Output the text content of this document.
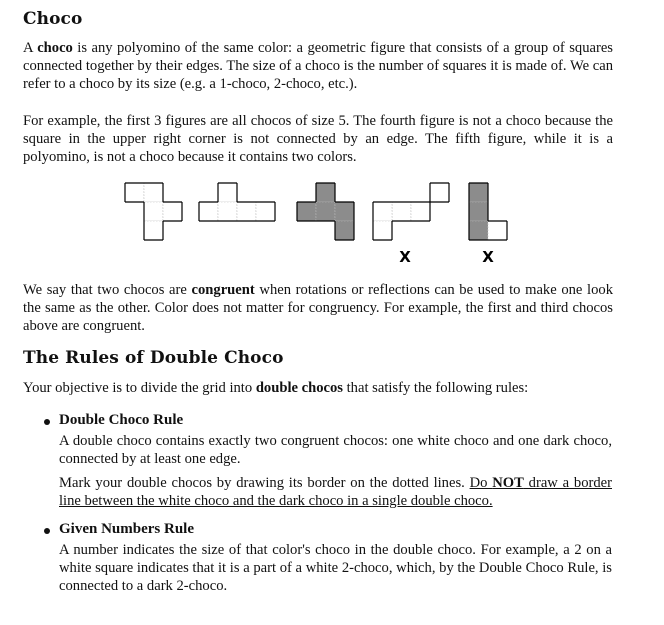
Choco

A choco is any polyomino of the same color: a geometric figure that consists of a group of squares connected together by their edges. The size of a choco is the number of squares it is made of. We can refer to a choco by its size (e.g. a 1-choco, 2-choco, etc.).

For example, the first 3 figures are all chocos of size 5. The fourth figure is not a choco because the square in the upper right corner is not connected by an edge. The fifth figure, while it is a polyomino, is not a choco because it contains two colors.

We say that two chocos are congruent when rotations or reflections can be used to make one look the same as the other. Color does not matter for congruency. For example, the first and third chocos above are congruent.

The Rules of Double Choco

Your objective is to divide the grid into double chocos that satisfy the following rules:

Double Choco Rule

A double choco contains exactly two congruent chocos: one white choco and one dark choco, connected by at least one edge.

Mark your double chocos by drawing its border on the dotted lines. Do NOT draw a border line between the white choco and the dark choco in a single double choco.

Given Numbers Rule

A number indicates the size of that color's choco in the double choco. For example, a 2 on a white square indicates that it is a part of a white 2-choco, which, by the Double Choco Rule, is connected to a dark 2-choco.

X	X
